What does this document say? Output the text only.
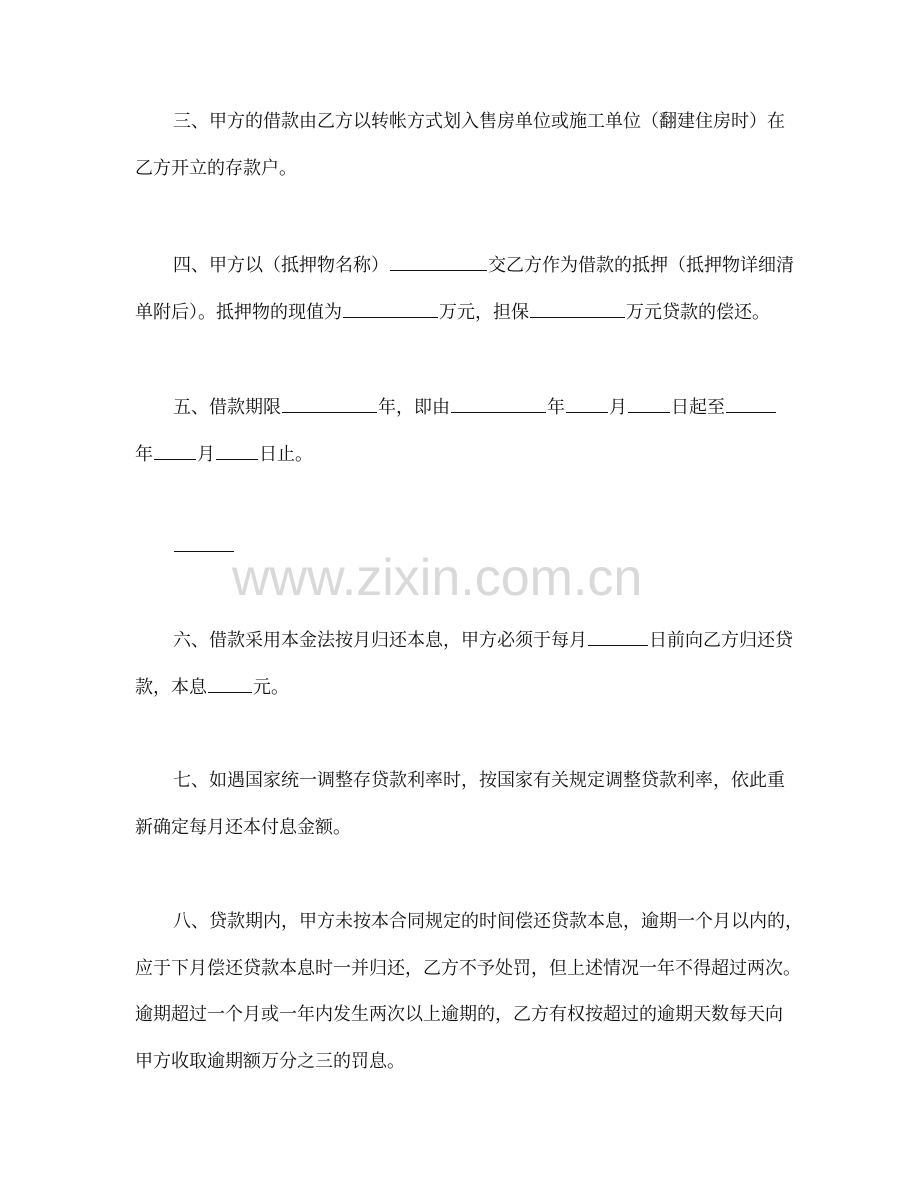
三、甲方的借款由乙方以转帐方式划入售房单位或施工单位（翻建住房时）在
乙方开立的存款户。
四、甲方以（抵押物名称）	交乙方作为借款的抵押（抵押物详细清
单附后）。抵押物的现值为	万元，担保	万元贷款的偿还。
五、借款期限	年，即由	年 月 日起至
年 月 日止。
www.zixin.com.cn
六、借款采用本金法按月归还本息，甲方必须于每月	日前向乙方归还贷
款，本息	元。
七、如遇国家统一调整存贷款利率时，按国家有关规定调整贷款利率，依此重
新确定每月还本付息金额。
八、贷款期内，甲方未按本合同规定的时间偿还贷款本息，逾期一个月以内的，
应于下月偿还贷款本息时一并归还，乙方不予处罚，但上述情况一年不得超过两次。
逾期超过一个月或一年内发生两次以上逾期的，乙方有权按超过的逾期天数每天向
甲方收取逾期额万分之三的罚息。
